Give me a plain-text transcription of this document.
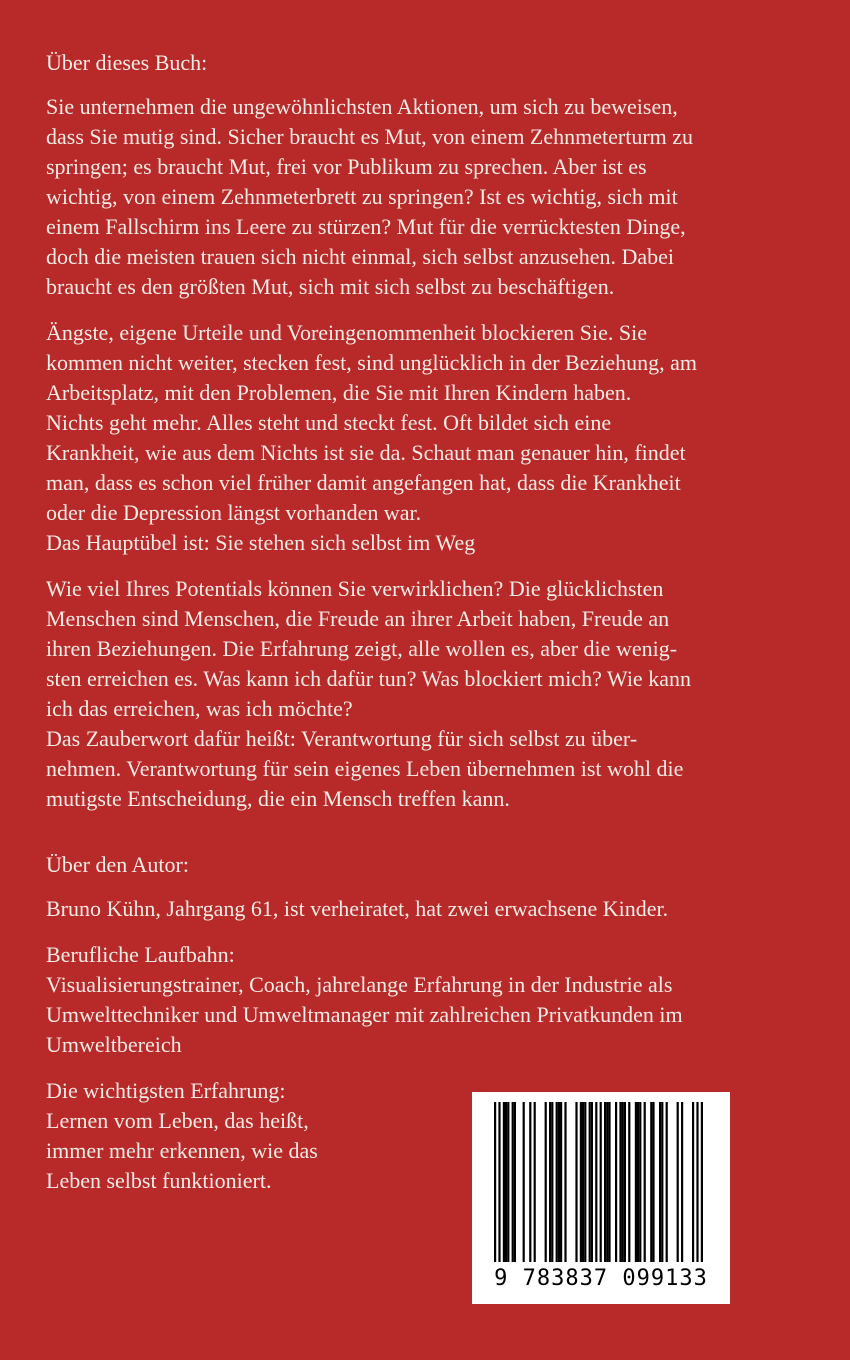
Über dieses Buch:
Sie unternehmen die ungewöhnlichsten Aktionen, um sich zu beweisen,
dass Sie mutig sind. Sicher braucht es Mut, von einem Zehnmeterturm zu
springen; es braucht Mut, frei vor Publikum zu sprechen. Aber ist es
wichtig, von einem Zehnmeterbrett zu springen? Ist es wichtig, sich mit
einem Fallschirm ins Leere zu stürzen? Mut für die verrücktesten Dinge,
doch die meisten trauen sich nicht einmal, sich selbst anzusehen. Dabei
braucht es den größten Mut, sich mit sich selbst zu beschäftigen.
Ängste, eigene Urteile und Voreingenommenheit blockieren Sie. Sie
kommen nicht weiter, stecken fest, sind unglücklich in der Beziehung, am
Arbeitsplatz, mit den Problemen, die Sie mit Ihren Kindern haben.
Nichts geht mehr. Alles steht und steckt fest. Oft bildet sich eine
Krankheit, wie aus dem Nichts ist sie da. Schaut man genauer hin, findet
man, dass es schon viel früher damit angefangen hat, dass die Krankheit
oder die Depression längst vorhanden war.
Das Hauptübel ist: Sie stehen sich selbst im Weg
Wie viel Ihres Potentials können Sie verwirklichen? Die glücklichsten
Menschen sind Menschen, die Freude an ihrer Arbeit haben, Freude an
ihren Beziehungen. Die Erfahrung zeigt, alle wollen es, aber die wenig-
sten erreichen es. Was kann ich dafür tun? Was blockiert mich? Wie kann
ich das erreichen, was ich möchte?
Das Zauberwort dafür heißt: Verantwortung für sich selbst zu über-
nehmen. Verantwortung für sein eigenes Leben übernehmen ist wohl die
mutigste Entscheidung, die ein Mensch treffen kann.
Über den Autor:
Bruno Kühn, Jahrgang 61, ist verheiratet, hat zwei erwachsene Kinder.
Berufliche Laufbahn:
Visualisierungstrainer, Coach, jahrelange Erfahrung in der Industrie als
Umwelttechniker und Umweltmanager mit zahlreichen Privatkunden im
Umweltbereich
Die wichtigsten Erfahrung:
Lernen vom Leben, das heißt,
immer mehr erkennen, wie das
Leben selbst funktioniert.
9 783837 099133
